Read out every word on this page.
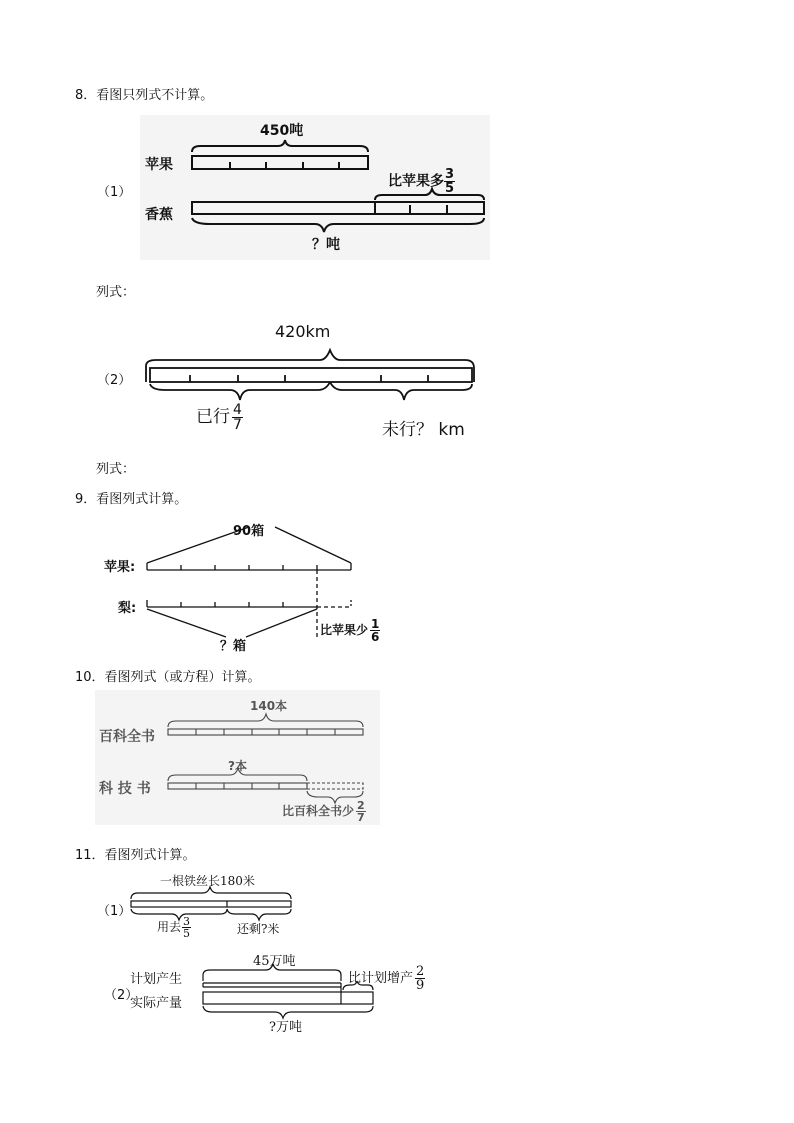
8．看图只列式不计算。
（1）
苹果
香蕉
450吨
比苹果多 $\frac{3}{5}$
？吨
列式：
（2）
420km
已行 $\frac{4}{7}$	未行？ km
列式：
9．看图列式计算。
90箱
苹果:
梨:
？箱
比苹果少 $\frac{1}{6}$
10．看图列式（或方程）计算。
百科全书
140本
科 技 书
?本
比百科全书少 $\frac{2}{7}$
11．看图列式计算。
（1）
一根铁丝长180米
用去 $\frac{3}{5}$	还剩?米
（2）
计划产生
实际产量
45万吨
比计划增产 $\frac{2}{9}$
?万吨
